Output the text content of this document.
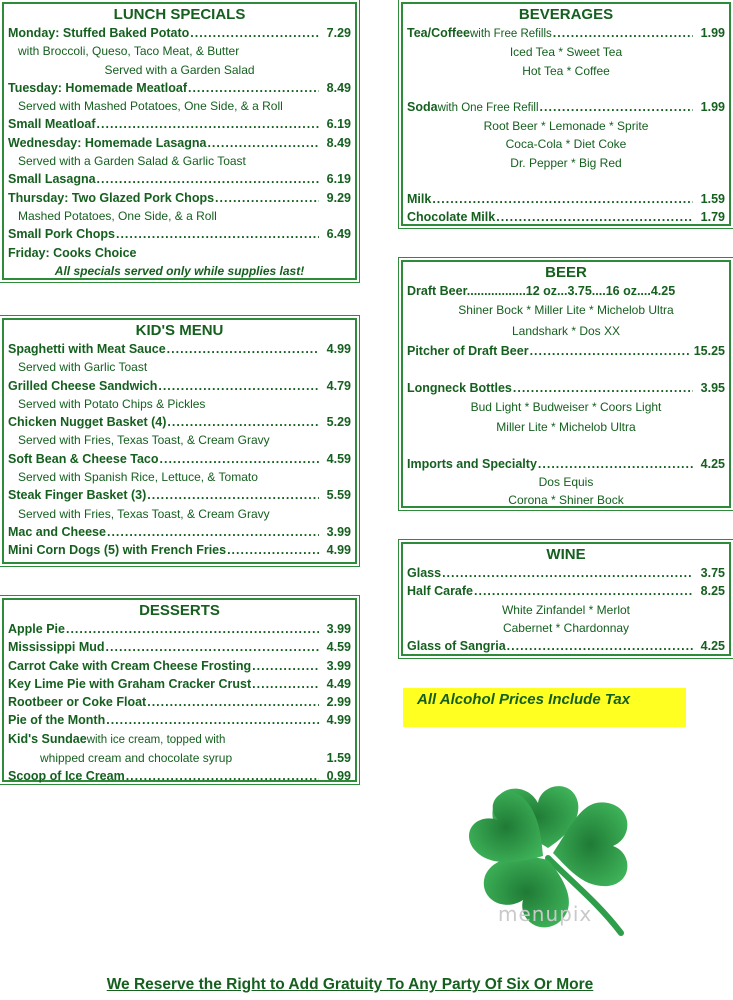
LUNCH SPECIALS
Monday: Stuffed Baked Potato .....	7.29
with Broccoli, Queso, Taco Meat, & Butter
Served with a Garden Salad
Tuesday: Homemade Meatloaf .....	8.49
Served with Mashed Potatoes, One Side, & a Roll
Small Meatloaf .....	6.19
Wednesday: Homemade Lasagna .....	8.49
Served with a Garden Salad & Garlic Toast
Small Lasagna .....	6.19
Thursday: Two Glazed Pork Chops .....	9.29
Mashed Potatoes, One Side, & a Roll
Small Pork Chops .....	6.49
Friday: Cooks Choice
All specials served only while supplies last!
KID'S MENU
Spaghetti with Meat Sauce .....	4.99
Served with Garlic Toast
Grilled Cheese Sandwich .....	4.79
Served with Potato Chips & Pickles
Chicken Nugget Basket (4) .....	5.29
Served with Fries, Texas Toast, & Cream Gravy
Soft Bean & Cheese Taco .....	4.59
Served with Spanish Rice, Lettuce, & Tomato
Steak Finger Basket (3) .....	5.59
Served with Fries, Texas Toast, & Cream Gravy
Mac and Cheese .....	3.99
Mini Corn Dogs (5) with French Fries .....	4.99
DESSERTS
Apple Pie .....	3.99
Mississippi Mud .....	4.59
Carrot Cake with Cream Cheese Frosting .....	3.99
Key Lime Pie with Graham Cracker Crust .....	4.49
Rootbeer or Coke Float .....	2.99
Pie of the Month .....	4.99
Kid's Sundae with ice cream, topped with
whipped cream and chocolate syrup	1.59
Scoop of Ice Cream .....	0.99
BEVERAGES
Tea/Coffee with Free Refills .....	1.99
Iced Tea * Sweet Tea
Hot Tea * Coffee
Soda with One Free Refill .....	1.99
Root Beer * Lemonade * Sprite
Coca-Cola * Diet Coke
Dr. Pepper * Big Red
Milk .....	1.59
Chocolate Milk .....	1.79
BEER
Draft Beer.................12 oz...3.75....16 oz....4.25
Shiner Bock * Miller Lite * Michelob Ultra
Landshark * Dos XX
Pitcher of Draft Beer .....	15.25
Longneck Bottles .....	3.95
Bud Light * Budweiser * Coors Light
Miller Lite * Michelob Ultra
Imports and Specialty .....	4.25
Dos Equis
Corona * Shiner Bock
WINE
Glass .....	3.75
Half Carafe .....	8.25
White Zinfandel * Merlot
Cabernet * Chardonnay
Glass of Sangria .....	4.25
All Alcohol Prices Include Tax
menupix
We Reserve the Right to Add Gratuity To Any Party Of Six Or More
